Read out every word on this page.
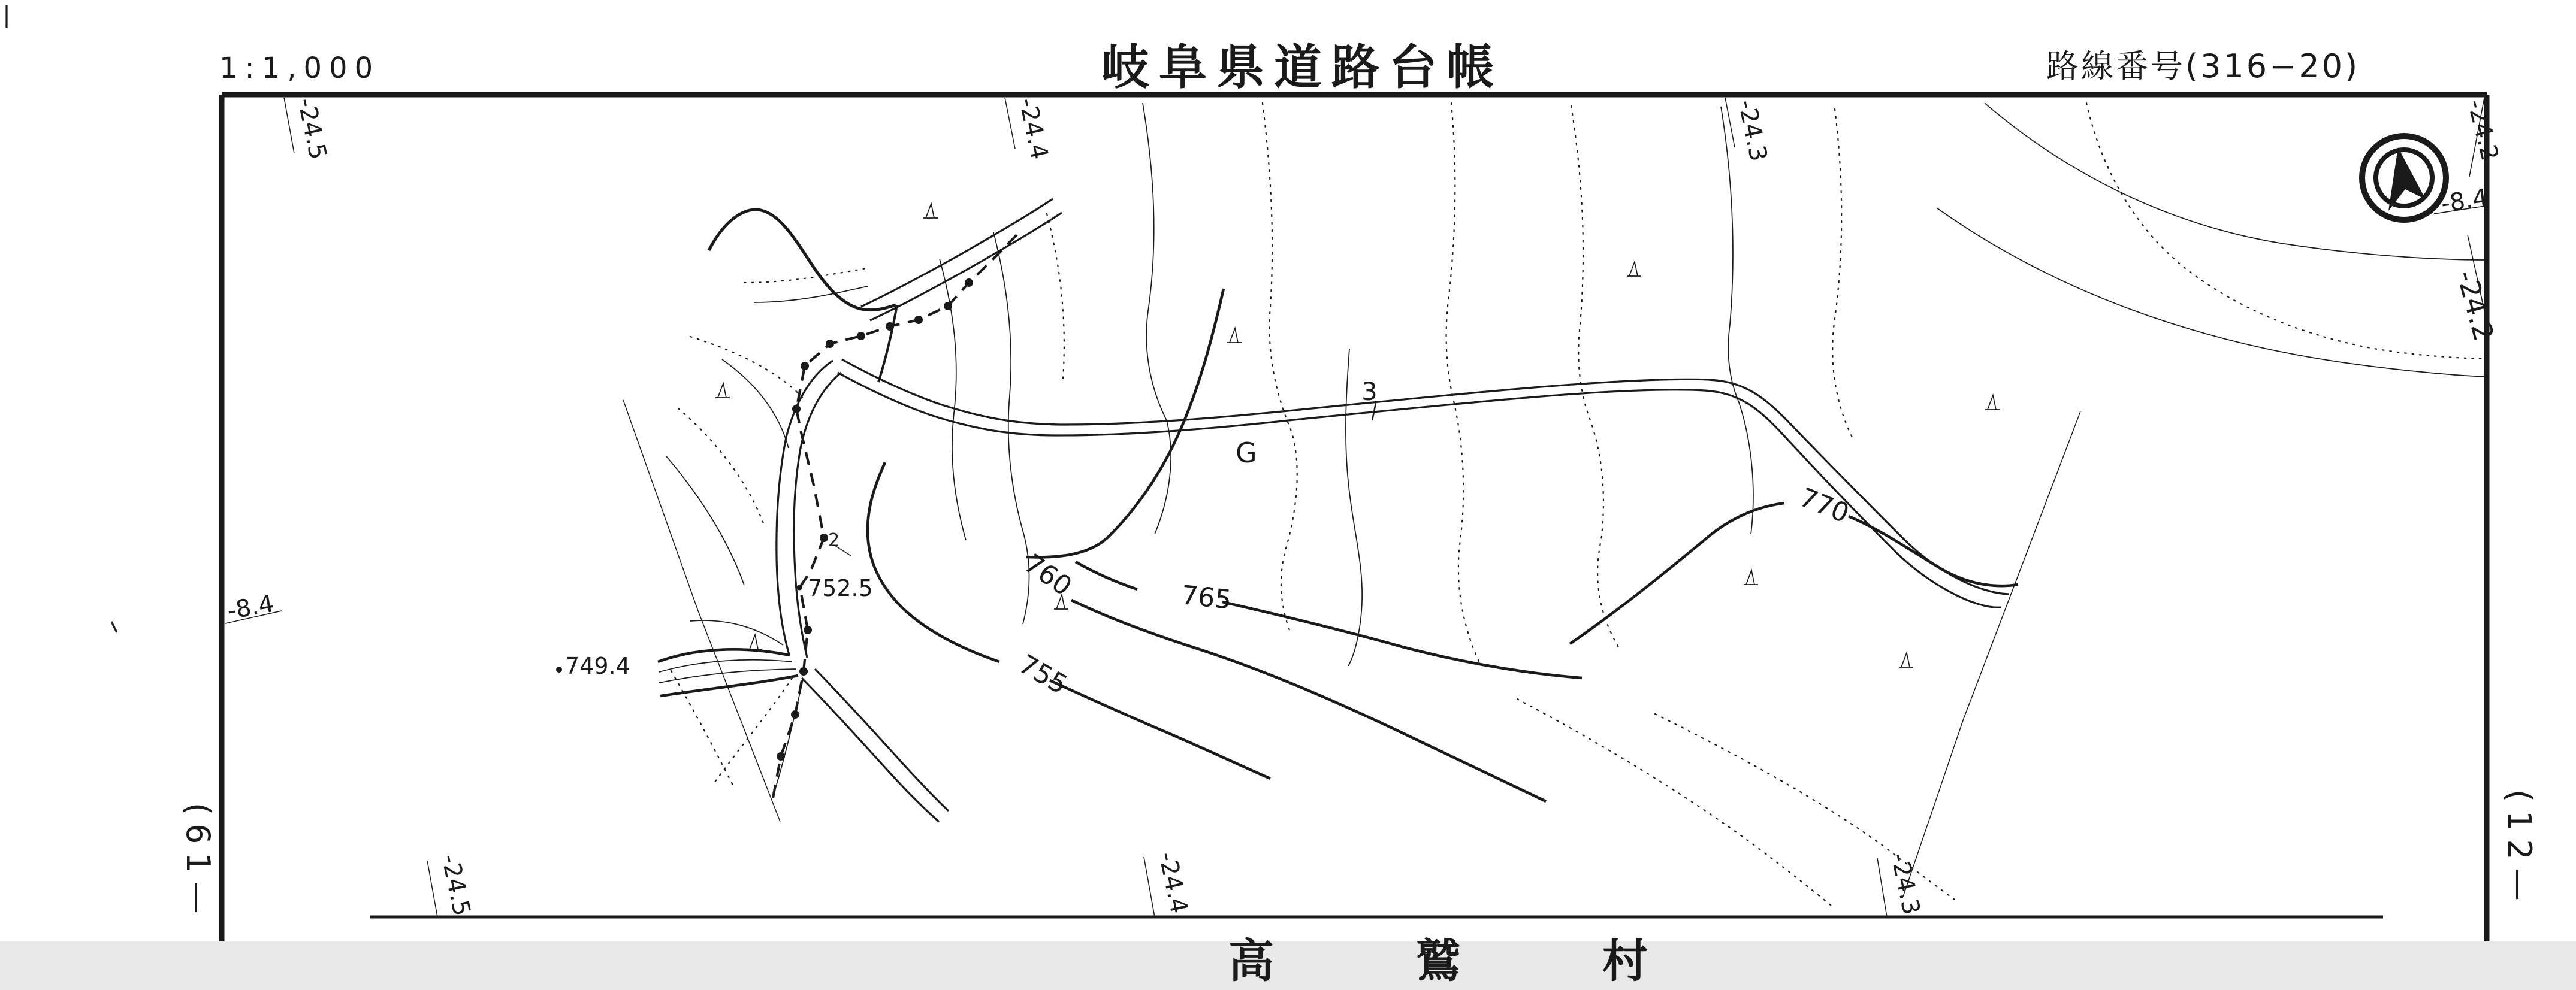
1:1,000	岐阜県道路台帳	路線番号(316−20)
(61—	(12—
高鷲村
-24.5	-24.4	-24.3	-24.2
-24.5	-24.4	-24.3
-8.4
-8.4
-24.2
755
760	765
770
752.5
749.4
G
3
2
